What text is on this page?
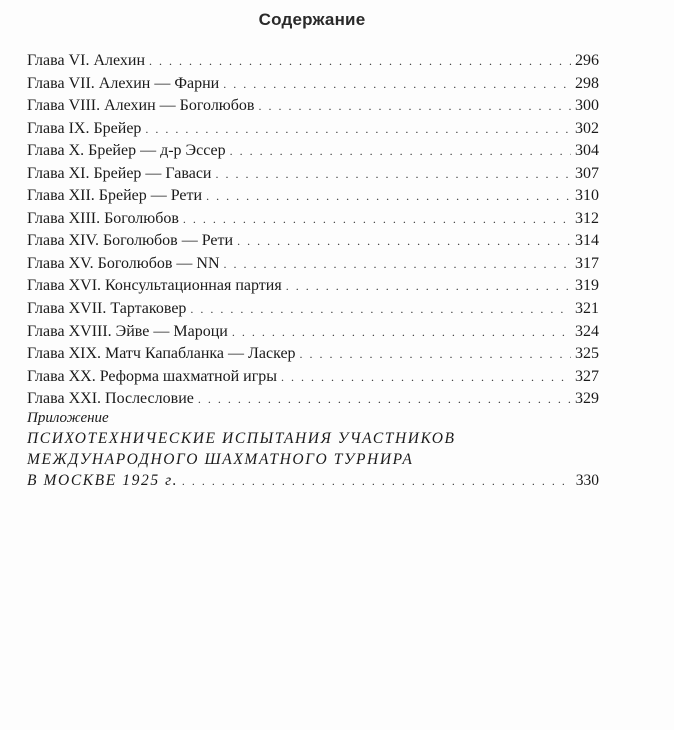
Содержание
Глава VI. Алехин . . .	296
Глава VII. Алехин — Фарни . . .	298
Глава VIII. Алехин — Боголюбов . . .	300
Глава IX. Брейер . . .	302
Глава X. Брейер — д-р Эссер . . .	304
Глава XI. Брейер — Гаваси . . .	307
Глава XII. Брейер — Рети . . .	310
Глава XIII. Боголюбов . . .	312
Глава XIV. Боголюбов — Рети . . .	314
Глава XV. Боголюбов — NN . . .	317
Глава XVI. Консультационная партия . . .	319
Глава XVII. Тартаковер . . .	321
Глава XVIII. Эйве — Мароци . . .	324
Глава XIX. Матч Капабланка — Ласкер . . .	325
Глава XX. Реформа шахматной игры . . .	327
Глава XXI. Послесловие . . .	329
Приложение
ПСИХОТЕХНИЧЕСКИЕ ИСПЫТАНИЯ УЧАСТНИКОВ
МЕЖДУНАРОДНОГО ШАХМАТНОГО ТУРНИРА
В МОСКВЕ 1925 г. . . .	330
